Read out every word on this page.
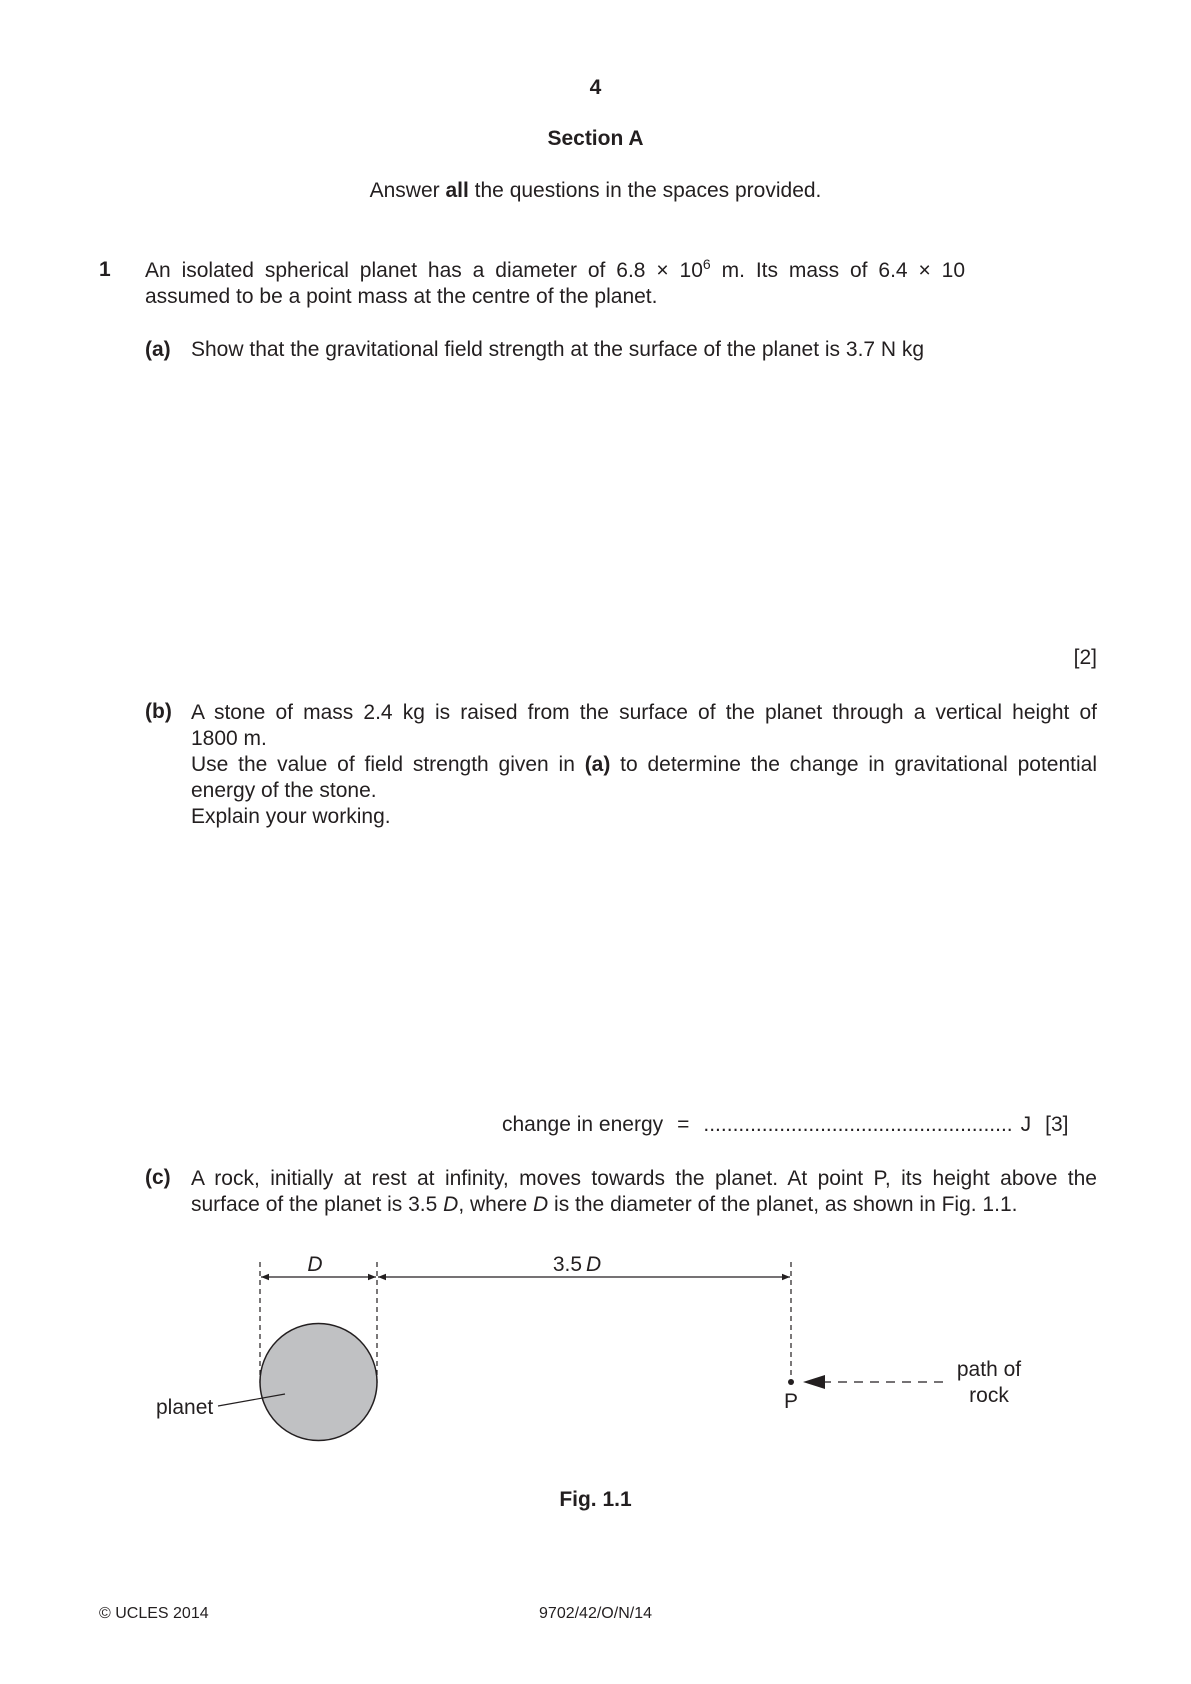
4
Section A
Answer all the questions in the spaces provided.
1 An isolated spherical planet has a diameter of $6.8 \times 10^6$ m. Its mass of 6.4 × 10
assumed to be a point mass at the centre of the planet.
(a) Show that the gravitational field strength at the surface of the planet is 3.7 N kg
[2]
(b) A stone of mass 2.4 kg is raised from the surface of the planet through a vertical height of
1800 m.
Use the value of field strength given in (a) to determine the change in gravitational potential
energy of the stone.
Explain your working.
change in energy = ..................................................... J [3]
(c) A rock, initially at rest at infinity, moves towards the planet. At point P, its height above the
surface of the planet is 3.5 D, where D is the diameter of the planet, as shown in Fig. 1.1.
D	3.5 D
planet	P
path of
rock
Fig. 1.1
© UCLES 2014	9702/42/O/N/14
